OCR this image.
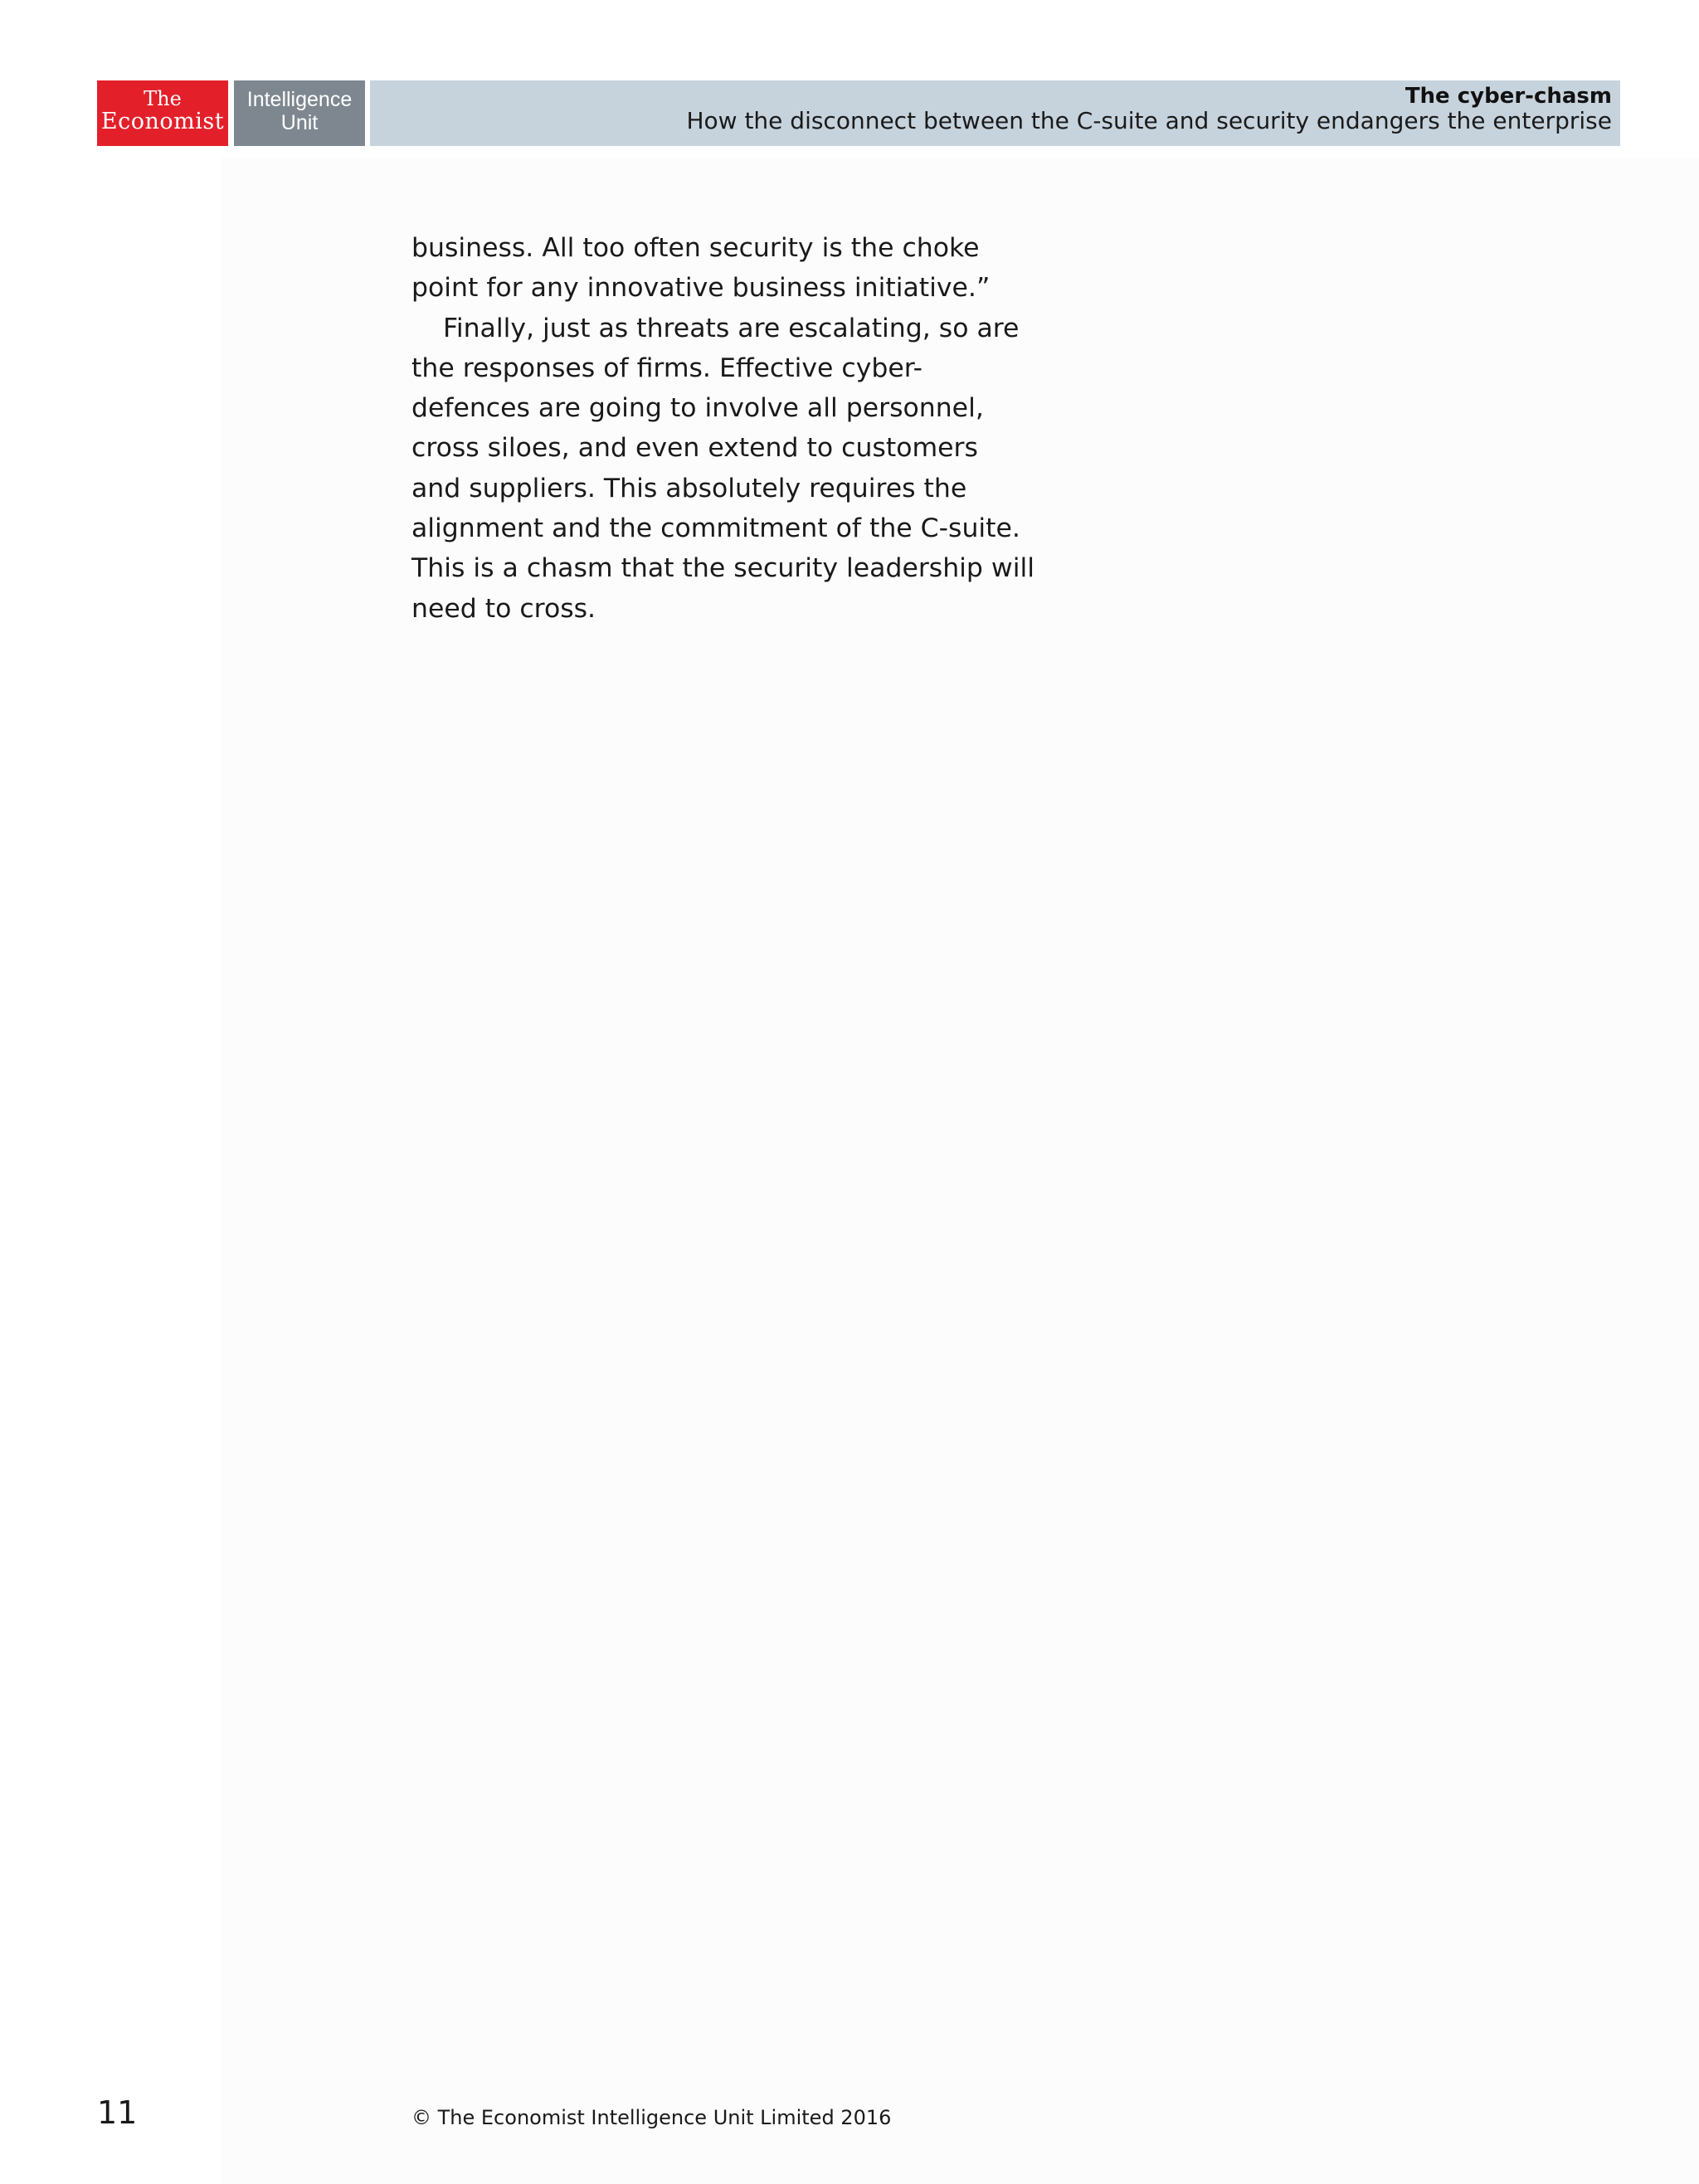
The
Economist
Intelligence
Unit
The cyber-chasm
How the disconnect between the C-suite and security endangers the enterprise

business. All too often security is the choke

point for any innovative business initiative.”

Finally, just as threats are escalating, so are

the responses of firms. Effective cyber-

defences are going to involve all personnel,

cross siloes, and even extend to customers

and suppliers. This absolutely requires the

alignment and the commitment of the C-suite.

This is a chasm that the security leadership will

need to cross.

11	© The Economist Intelligence Unit Limited 2016
